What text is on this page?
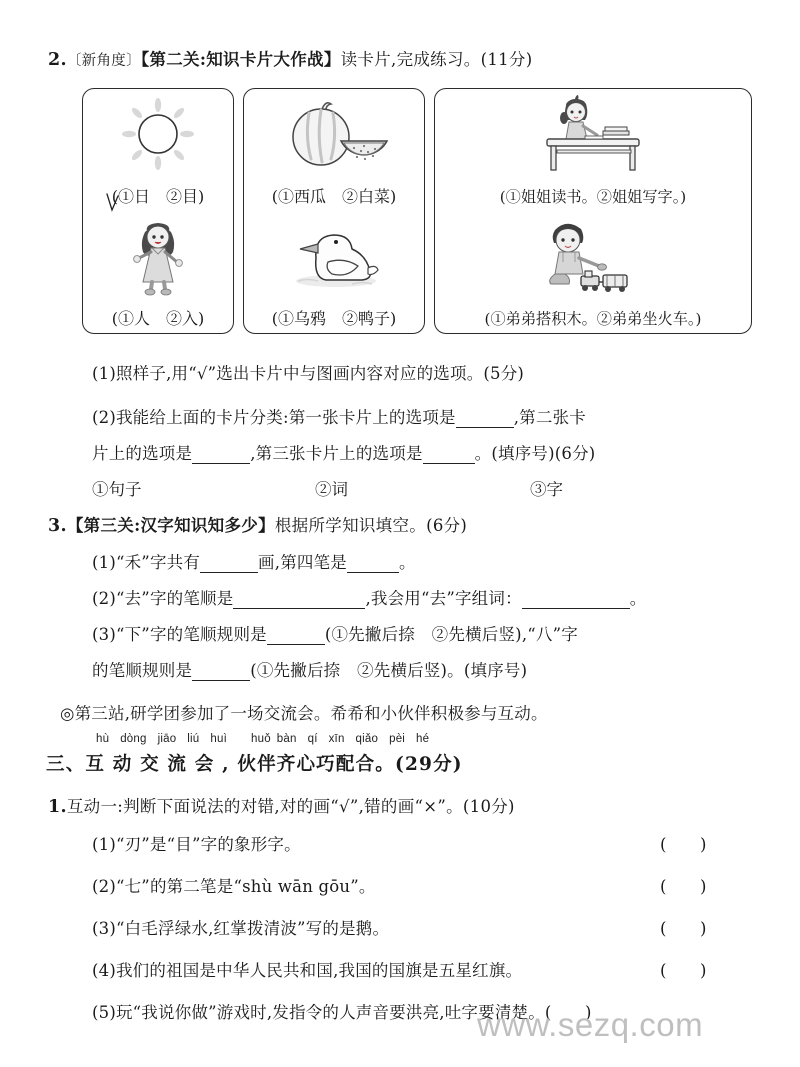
2.〔新角度〕【第二关:知识卡片大作战】读卡片,完成练习。(11分)
(①日　②目)
(①人　②入)
(①西瓜　②白菜)
(①乌鸦　②鸭子)
(①姐姐读书。②姐姐写字。)
(①弟弟搭积木。②弟弟坐火车。)
(1)照样子,用“√”选出卡片中与图画内容对应的选项。(5分)
(2)我能给上面的卡片分类:第一张卡片上的选项是	,第二张卡
片上的选项是	,第三张卡片上的选项是	。(填序号)(6分)
①句子	②词	③字
3.【第三关:汉字知识知多少】根据所学知识填空。(6分)
(1)“禾”字共有	画,第四笔是	。
(2)“去”字的笔顺是	,我会用“去”字组词：	。
(3)“下”字的笔顺规则是	(①先撇后捺　②先横后竖),“八”字
的笔顺规则是	(①先撇后捺　②先横后竖)。(填序号)
◎第三站,研学团参加了一场交流会。希希和小伙伴积极参与互动。
hù dòng jiāo liú huì huǒ bàn qí xīn qiǎo pèi hé
三、互 动 交 流 会 , 伙伴齐心巧配合。(29分)
1.互动一:判断下面说法的对错,对的画“√”,错的画“×”。(10分)
(1)“刃”是“目”字的象形字。
(2)“七”的第二笔是“shù wān gōu”。
(3)“白毛浮绿水,红掌拨清波”写的是鹅。
(4)我们的祖国是中华人民共和国,我国的国旗是五星红旗。
(5)玩“我说你做”游戏时,发指令的人声音要洪亮,吐字要清楚。(　　)
(　　)
(　　)
(　　)
(　　)
www.sezq.com
